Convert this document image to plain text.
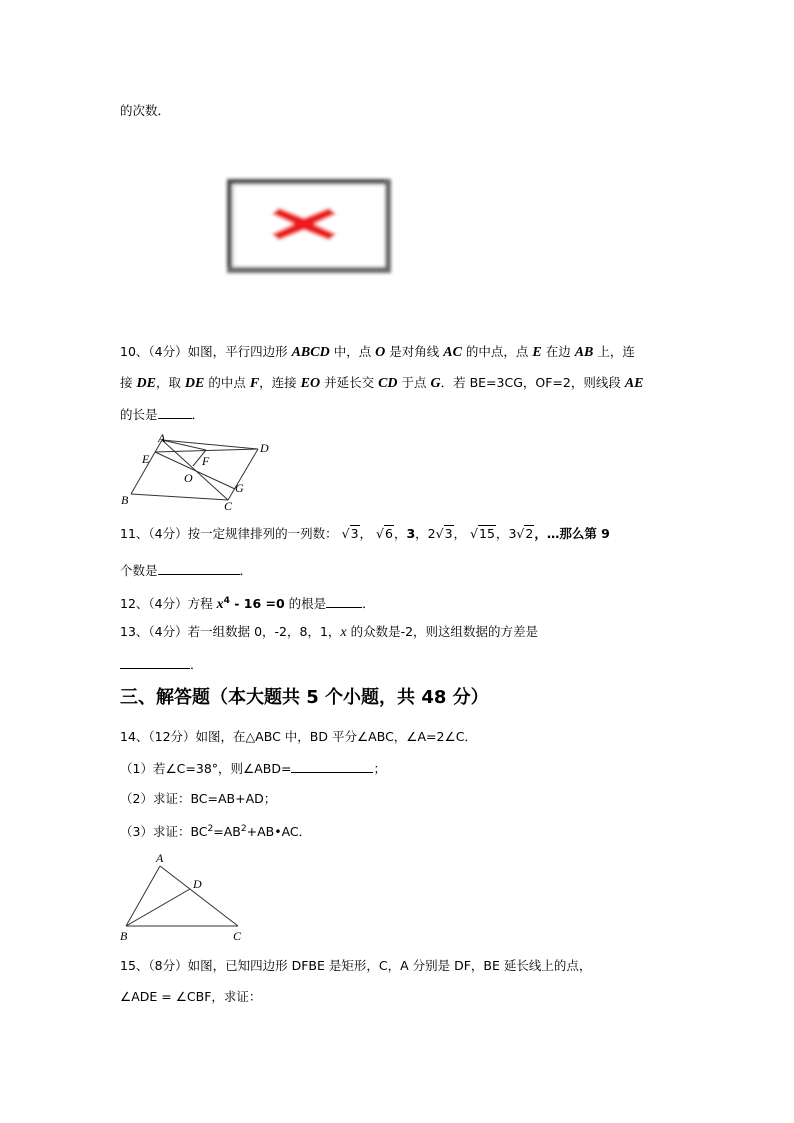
的次数．
10、（4分）如图，平行四边形 ABCD 中，点 O 是对角线 AC 的中点，点 E 在边 AB 上，连
接 DE，取 DE 的中点 F，连接 EO 并延长交 CD 于点 G．若 BE=3CG，OF=2，则线段 AE
的长是	．
A
D
E	F
O
G
B	C
11、（4分）按一定规律排列的一列数： √3， √6，3，2√3， √15，3√2，…那么第 9
个数是	．
12、（4分）方程 $x^4 - 16 =0$ 的根是	．
13、（4分）若一组数据 0，-2，8，1，x 的众数是-2，则这组数据的方差是
．
三、解答题（本大题共 5 个小题，共 48 分）
14、（12分）如图，在△ABC 中，BD 平分∠ABC，∠A=2∠C．
（1）若∠C=38°，则∠ABD=	；
（2）求证：BC=AB+AD；
（3）求证：$BC^2=AB^2+AB•AC$．
A
D
B	C
15、（8分）如图，已知四边形 DFBE 是矩形，C，A 分别是 DF，BE 延长线上的点，
∠ADE = ∠CBF，求证：
